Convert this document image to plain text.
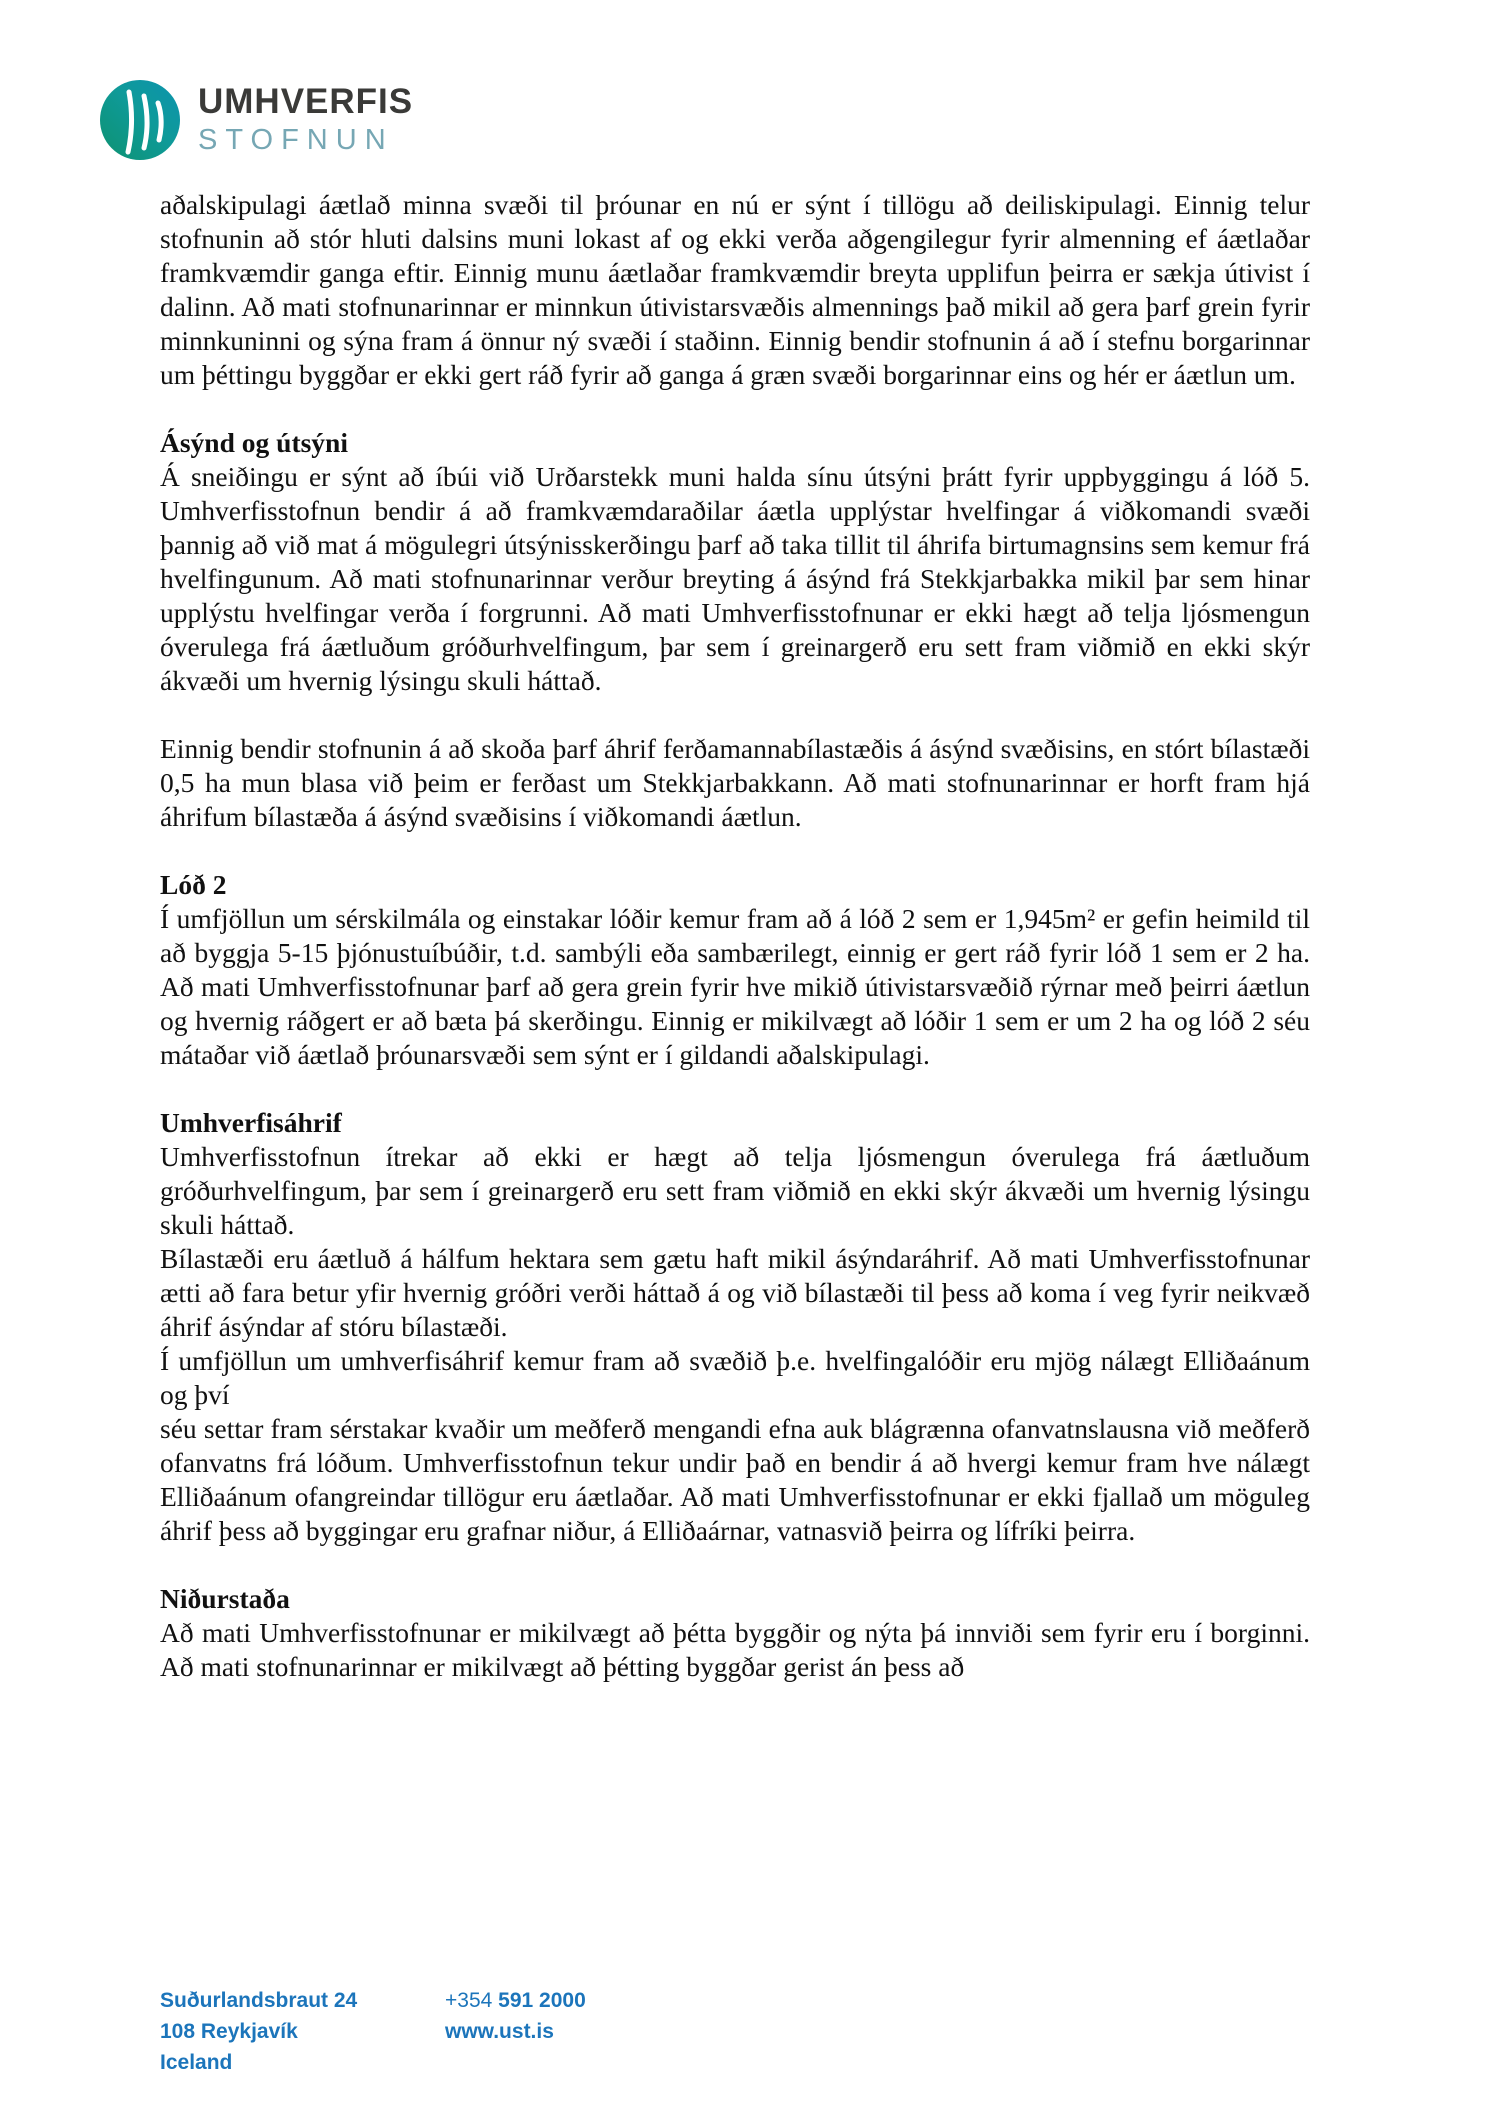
UMHVERFIS
STOFNUN

aðalskipulagi áætlað minna svæði til þróunar en nú er sýnt í tillögu að deiliskipulagi. Einnig telur stofnunin að stór hluti dalsins muni lokast af og ekki verða aðgengilegur fyrir almenning ef áætlaðar framkvæmdir ganga eftir. Einnig munu áætlaðar framkvæmdir breyta upplifun þeirra er sækja útivist í dalinn. Að mati stofnunarinnar er minnkun útivistarsvæðis almennings það mikil að gera þarf grein fyrir minnkuninni og sýna fram á önnur ný svæði í staðinn. Einnig bendir stofnunin á að í stefnu borgarinnar um þéttingu byggðar er ekki gert ráð fyrir að ganga á græn svæði borgarinnar eins og hér er áætlun um.

Ásýnd og útsýni

Á sneiðingu er sýnt að íbúi við Urðarstekk muni halda sínu útsýni þrátt fyrir uppbyggingu á lóð 5. Umhverfisstofnun bendir á að framkvæmdaraðilar áætla upplýstar hvelfingar á viðkomandi svæði þannig að við mat á mögulegri útsýnisskerðingu þarf að taka tillit til áhrifa birtumagnsins sem kemur frá hvelfingunum. Að mati stofnunarinnar verður breyting á ásýnd frá Stekkjarbakka mikil þar sem hinar upplýstu hvelfingar verða í forgrunni. Að mati Umhverfisstofnunar er ekki hægt að telja ljósmengun óverulega frá áætluðum gróðurhvelfingum, þar sem í greinargerð eru sett fram viðmið en ekki skýr ákvæði um hvernig lýsingu skuli háttað.

Einnig bendir stofnunin á að skoða þarf áhrif ferðamannabílastæðis á ásýnd svæðisins, en stórt bílastæði 0,5 ha mun blasa við þeim er ferðast um Stekkjarbakkann. Að mati stofnunarinnar er horft fram hjá áhrifum bílastæða á ásýnd svæðisins í viðkomandi áætlun.

Lóð 2

Í umfjöllun um sérskilmála og einstakar lóðir kemur fram að á lóð 2 sem er 1,945m² er gefin heimild til að byggja 5-15 þjónustuíbúðir, t.d. sambýli eða sambærilegt, einnig er gert ráð fyrir lóð 1 sem er 2 ha. Að mati Umhverfisstofnunar þarf að gera grein fyrir hve mikið útivistarsvæðið rýrnar með þeirri áætlun og hvernig ráðgert er að bæta þá skerðingu. Einnig er mikilvægt að lóðir 1 sem er um 2 ha og lóð 2 séu mátaðar við áætlað þróunarsvæði sem sýnt er í gildandi aðalskipulagi.

Umhverfisáhrif

Umhverfisstofnun ítrekar að ekki er hægt að telja ljósmengun óverulega frá áætluðum gróðurhvelfingum, þar sem í greinargerð eru sett fram viðmið en ekki skýr ákvæði um hvernig lýsingu skuli háttað.

Bílastæði eru áætluð á hálfum hektara sem gætu haft mikil ásýndaráhrif. Að mati Umhverfisstofnunar ætti að fara betur yfir hvernig gróðri verði háttað á og við bílastæði til þess að koma í veg fyrir neikvæð áhrif ásýndar af stóru bílastæði.

Í umfjöllun um umhverfisáhrif kemur fram að svæðið þ.e. hvelfingalóðir eru mjög nálægt Elliðaánum og því

séu settar fram sérstakar kvaðir um meðferð mengandi efna auk blágrænna ofanvatnslausna við meðferð ofanvatns frá lóðum. Umhverfisstofnun tekur undir það en bendir á að hvergi kemur fram hve nálægt Elliðaánum ofangreindar tillögur eru áætlaðar. Að mati Umhverfisstofnunar er ekki fjallað um möguleg áhrif þess að byggingar eru grafnar niður, á Elliðaárnar, vatnasvið þeirra og lífríki þeirra.

Niðurstaða

Að mati Umhverfisstofnunar er mikilvægt að þétta byggðir og nýta þá innviði sem fyrir eru í borginni. Að mati stofnunarinnar er mikilvægt að þétting byggðar gerist án þess að

Suðurlandsbraut 24
108 Reykjavík
Iceland
+354 591 2000
www.ust.is
